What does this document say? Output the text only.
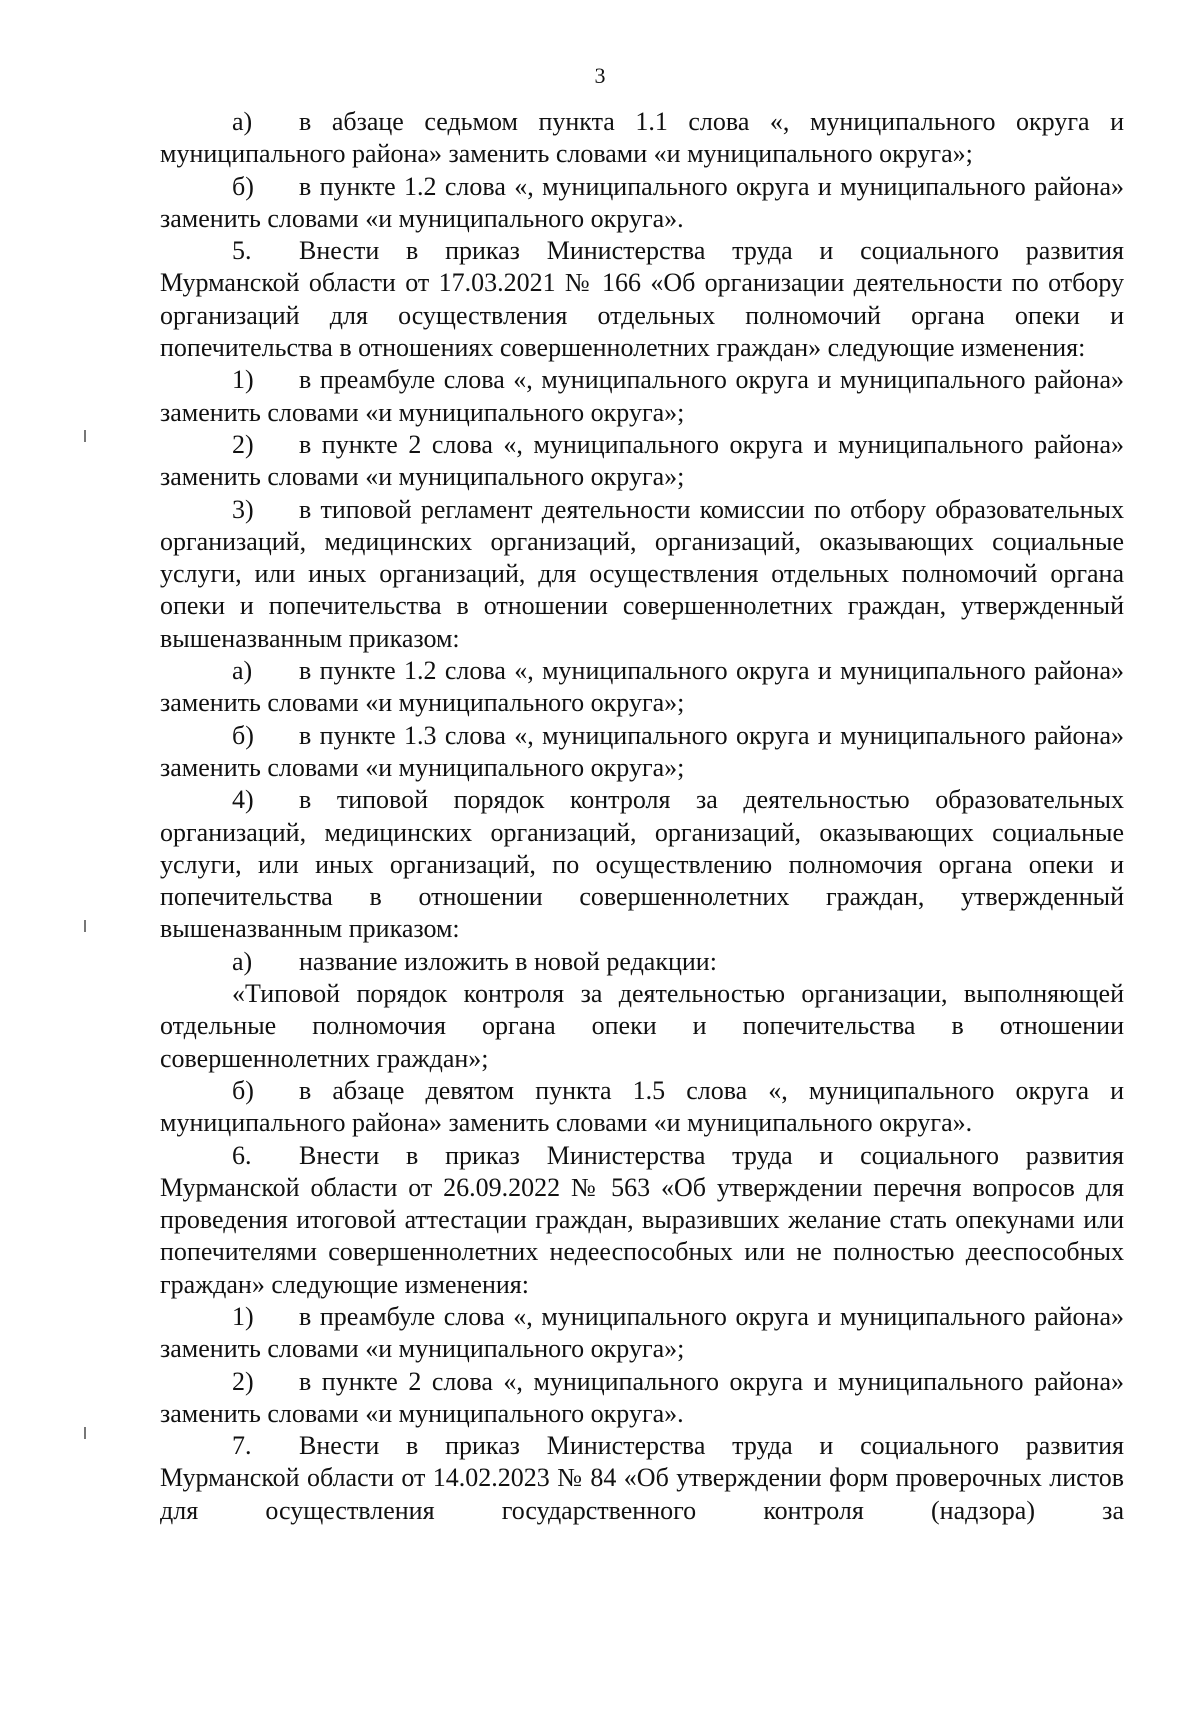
3

а) в абзаце седьмом пункта 1.1 слова «, муниципального округа и муниципального района» заменить словами «и муниципального округа»;

б) в пункте 1.2 слова «, муниципального округа и муниципального района» заменить словами «и муниципального округа».

5. Внести в приказ Министерства труда и социального развития Мурманской области от 17.03.2021 № 166 «Об организации деятельности по отбору организаций для осуществления отдельных полномочий органа опеки и попечительства в отношениях совершеннолетних граждан» следующие изменения:

1) в преамбуле слова «, муниципального округа и муниципального района» заменить словами «и муниципального округа»;

2) в пункте 2 слова «, муниципального округа и муниципального района» заменить словами «и муниципального округа»;

3) в типовой регламент деятельности комиссии по отбору образовательных организаций, медицинских организаций, организаций, оказывающих социальные услуги, или иных организаций, для осуществления отдельных полномочий органа опеки и попечительства в отношении совершеннолетних граждан, утвержденный вышеназванным приказом:

а) в пункте 1.2 слова «, муниципального округа и муниципального района» заменить словами «и муниципального округа»;

б) в пункте 1.3 слова «, муниципального округа и муниципального района» заменить словами «и муниципального округа»;

4) в типовой порядок контроля за деятельностью образовательных организаций, медицинских организаций, организаций, оказывающих социальные услуги, или иных организаций, по осуществлению полномочия органа опеки и попечительства в отношении совершеннолетних граждан, утвержденный вышеназванным приказом:

а) название изложить в новой редакции:

«Типовой порядок контроля за деятельностью организации, выполняющей отдельные полномочия органа опеки и попечительства в отношении совершеннолетних граждан»;

б) в абзаце девятом пункта 1.5 слова «, муниципального округа и муниципального района» заменить словами «и муниципального округа».

6. Внести в приказ Министерства труда и социального развития Мурманской области от 26.09.2022 № 563 «Об утверждении перечня вопросов для проведения итоговой аттестации граждан, выразивших желание стать опекунами или попечителями совершеннолетних недееспособных или не полностью дееспособных граждан» следующие изменения:

1) в преамбуле слова «, муниципального округа и муниципального района» заменить словами «и муниципального округа»;

2) в пункте 2 слова «, муниципального округа и муниципального района» заменить словами «и муниципального округа».

7. Внести в приказ Министерства труда и социального развития Мурманской области от 14.02.2023 № 84 «Об утверждении форм проверочных листов для осуществления государственного контроля (надзора) за
